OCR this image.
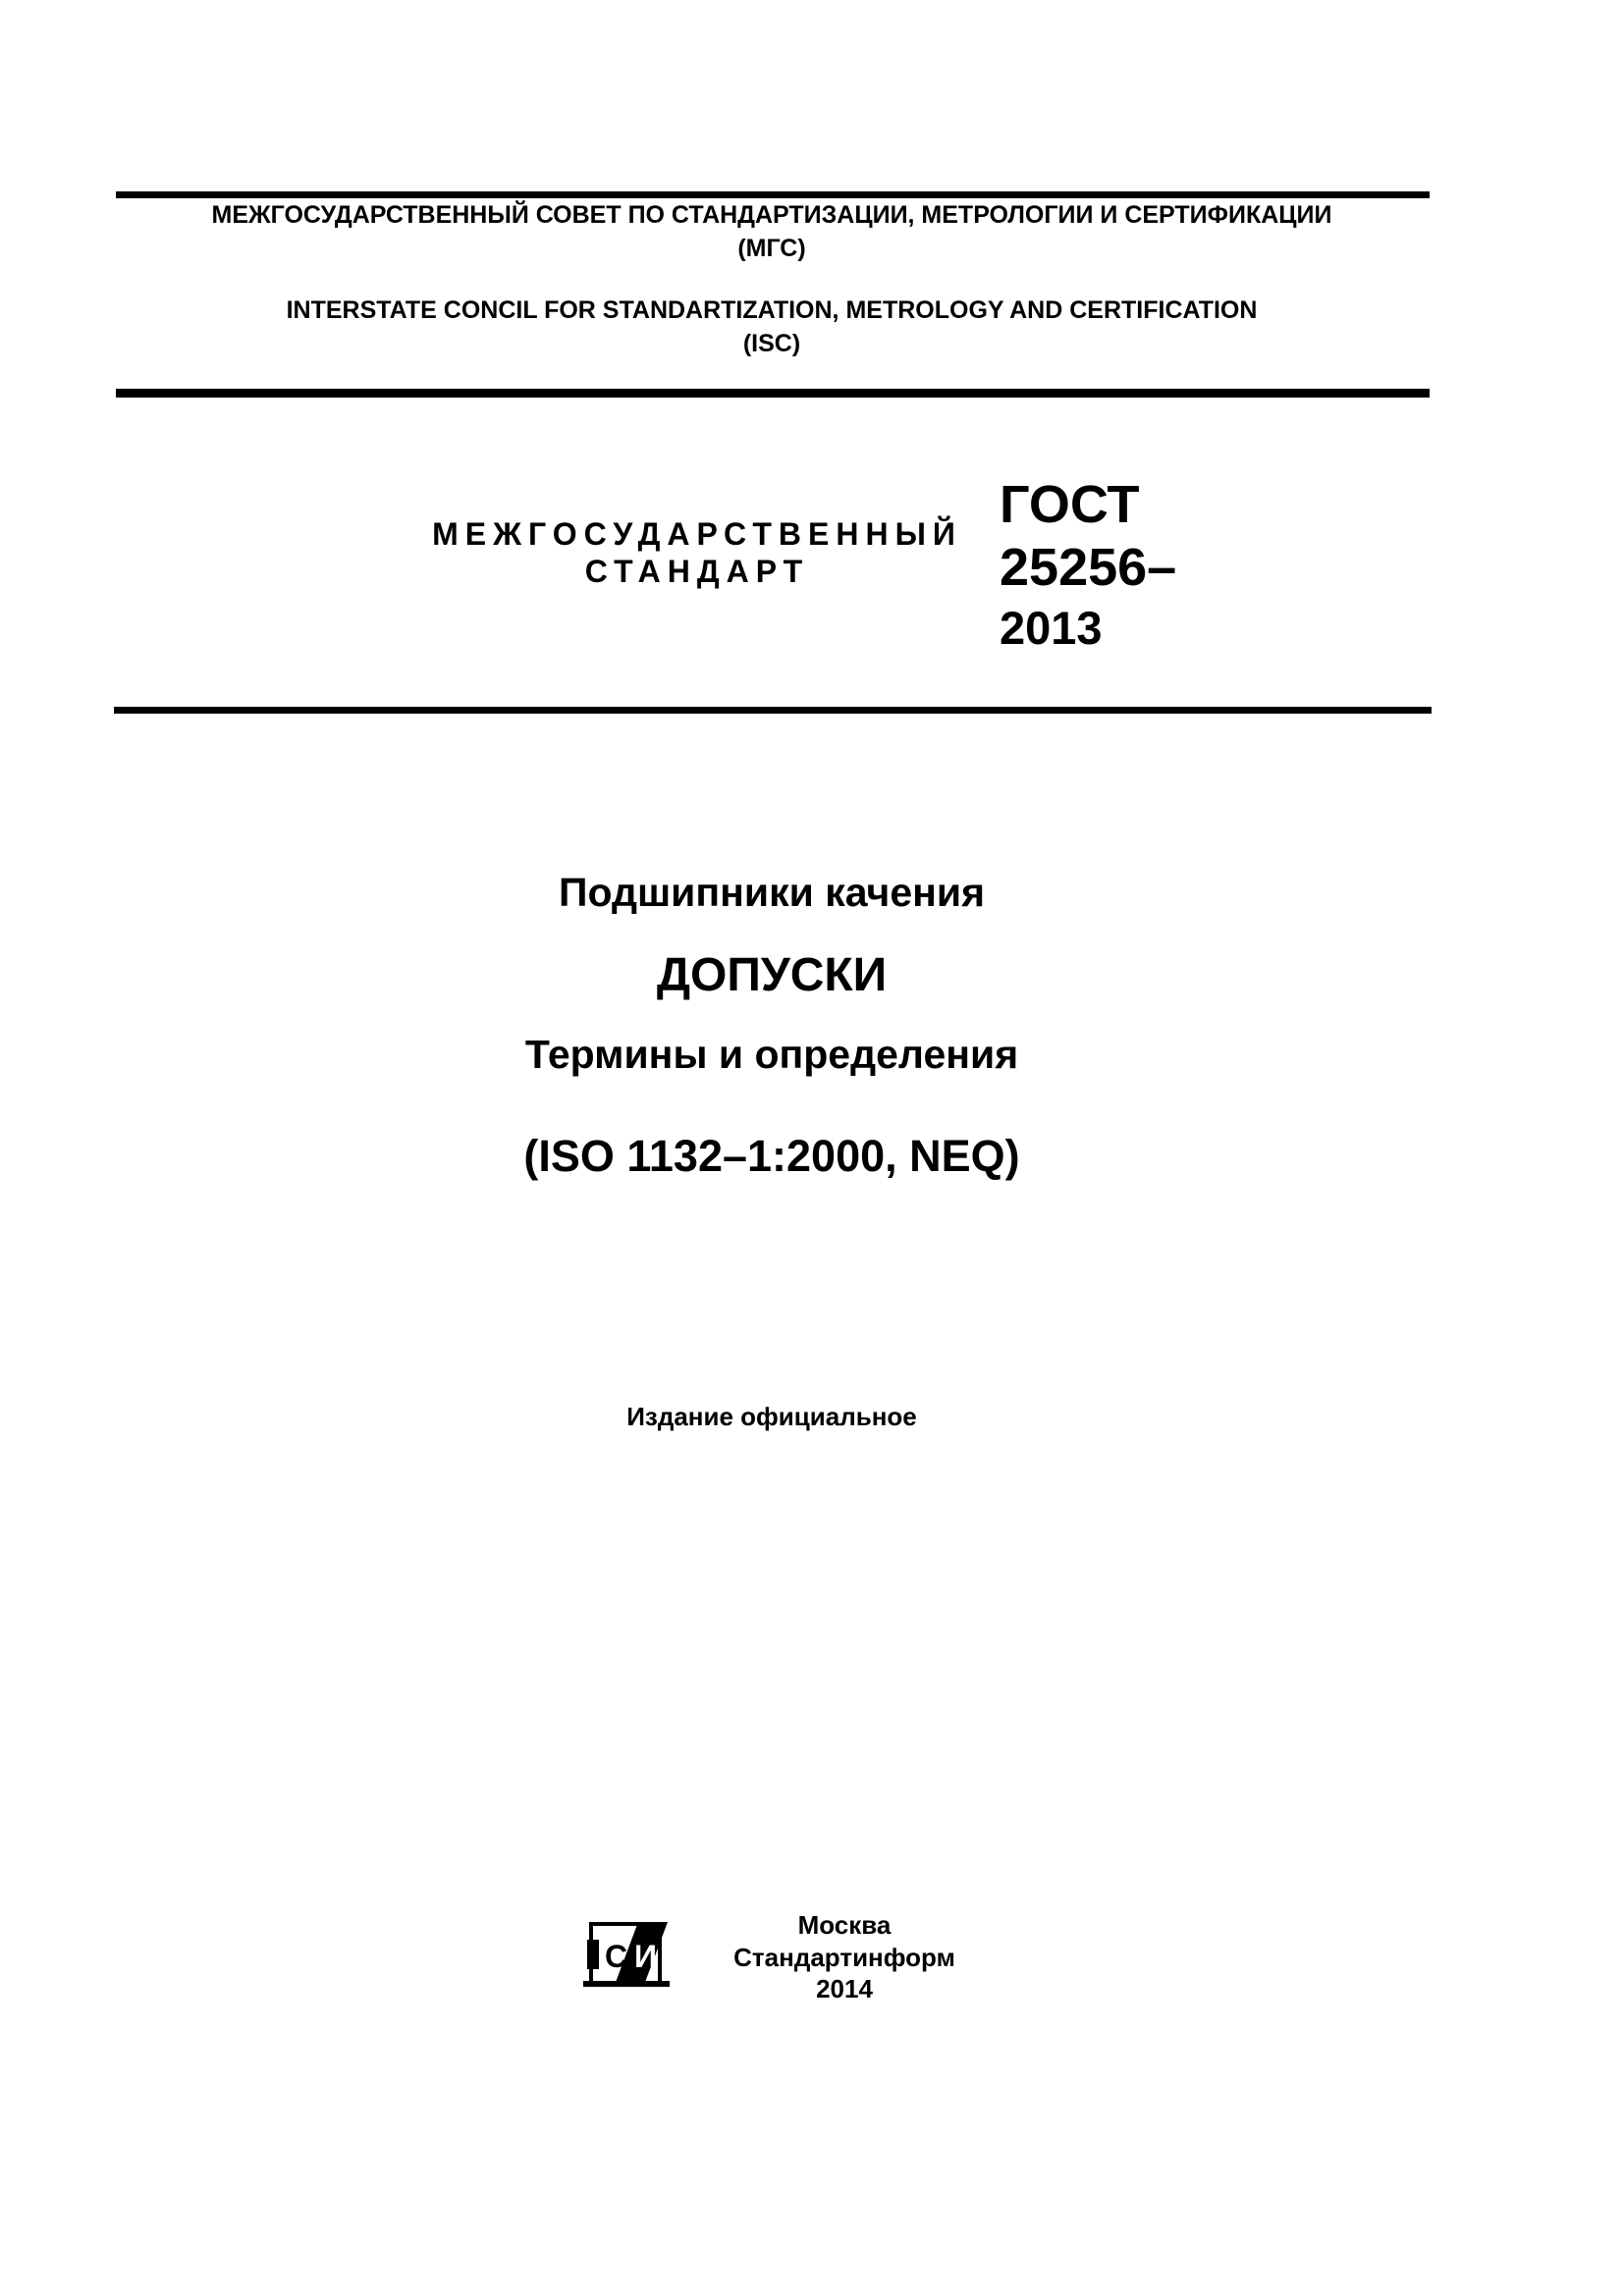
МЕЖГОСУДАРСТВЕННЫЙ СОВЕТ ПО СТАНДАРТИЗАЦИИ, МЕТРОЛОГИИ И СЕРТИФИКАЦИИ
(МГС)
INTERSTATE CONCIL FOR STANDARTIZATION, METROLOGY AND CERTIFICATION
(ISC)
МЕЖГОСУДАРСТВЕННЫЙ
СТАНДАРТ
ГОСТ
25256–
2013
Подшипники качения
ДОПУСКИ
Термины и определения
(ISO 1132–1:2000, NEQ)
Издание официальное
С И
Москва
Стандартинформ
2014
